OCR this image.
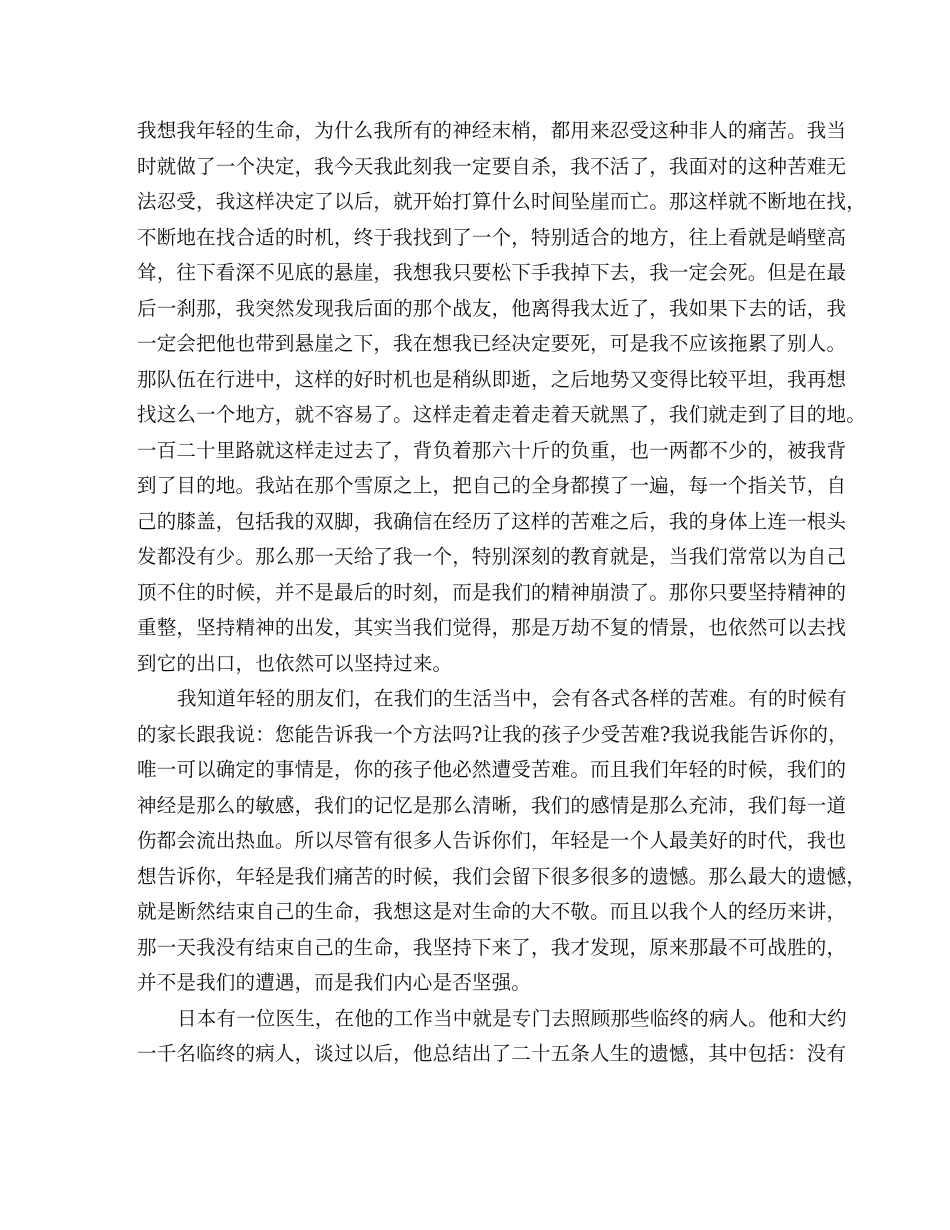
我想我年轻的生命，为什么我所有的神经末梢，都用来忍受这种非人的痛苦。我当
时就做了一个决定，我今天我此刻我一定要自杀，我不活了，我面对的这种苦难无
法忍受，我这样决定了以后，就开始打算什么时间坠崖而亡。那这样就不断地在找，
不断地在找合适的时机，终于我找到了一个，特别适合的地方，往上看就是峭壁高
耸，往下看深不见底的悬崖，我想我只要松下手我掉下去，我一定会死。但是在最
后一刹那，我突然发现我后面的那个战友，他离得我太近了，我如果下去的话，我
一定会把他也带到悬崖之下，我在想我已经决定要死，可是我不应该拖累了别人。
那队伍在行进中，这样的好时机也是稍纵即逝，之后地势又变得比较平坦，我再想
找这么一个地方，就不容易了。这样走着走着走着天就黑了，我们就走到了目的地。
一百二十里路就这样走过去了，背负着那六十斤的负重，也一两都不少的，被我背
到了目的地。我站在那个雪原之上，把自己的全身都摸了一遍，每一个指关节，自
己的膝盖，包括我的双脚，我确信在经历了这样的苦难之后，我的身体上连一根头
发都没有少。那么那一天给了我一个，特别深刻的教育就是，当我们常常以为自己
顶不住的时候，并不是最后的时刻，而是我们的精神崩溃了。那你只要坚持精神的
重整，坚持精神的出发，其实当我们觉得，那是万劫不复的情景，也依然可以去找
到它的出口，也依然可以坚持过来。
我知道年轻的朋友们，在我们的生活当中，会有各式各样的苦难。有的时候有
的家长跟我说：您能告诉我一个方法吗?让我的孩子少受苦难?我说我能告诉你的，
唯一可以确定的事情是，你的孩子他必然遭受苦难。而且我们年轻的时候，我们的
神经是那么的敏感，我们的记忆是那么清晰，我们的感情是那么充沛，我们每一道
伤都会流出热血。所以尽管有很多人告诉你们，年轻是一个人最美好的时代，我也
想告诉你，年轻是我们痛苦的时候，我们会留下很多很多的遗憾。那么最大的遗憾，
就是断然结束自己的生命，我想这是对生命的大不敬。而且以我个人的经历来讲，
那一天我没有结束自己的生命，我坚持下来了，我才发现，原来那最不可战胜的，
并不是我们的遭遇，而是我们内心是否坚强。
日本有一位医生，在他的工作当中就是专门去照顾那些临终的病人。他和大约
一千名临终的病人，谈过以后，他总结出了二十五条人生的遗憾，其中包括：没有
